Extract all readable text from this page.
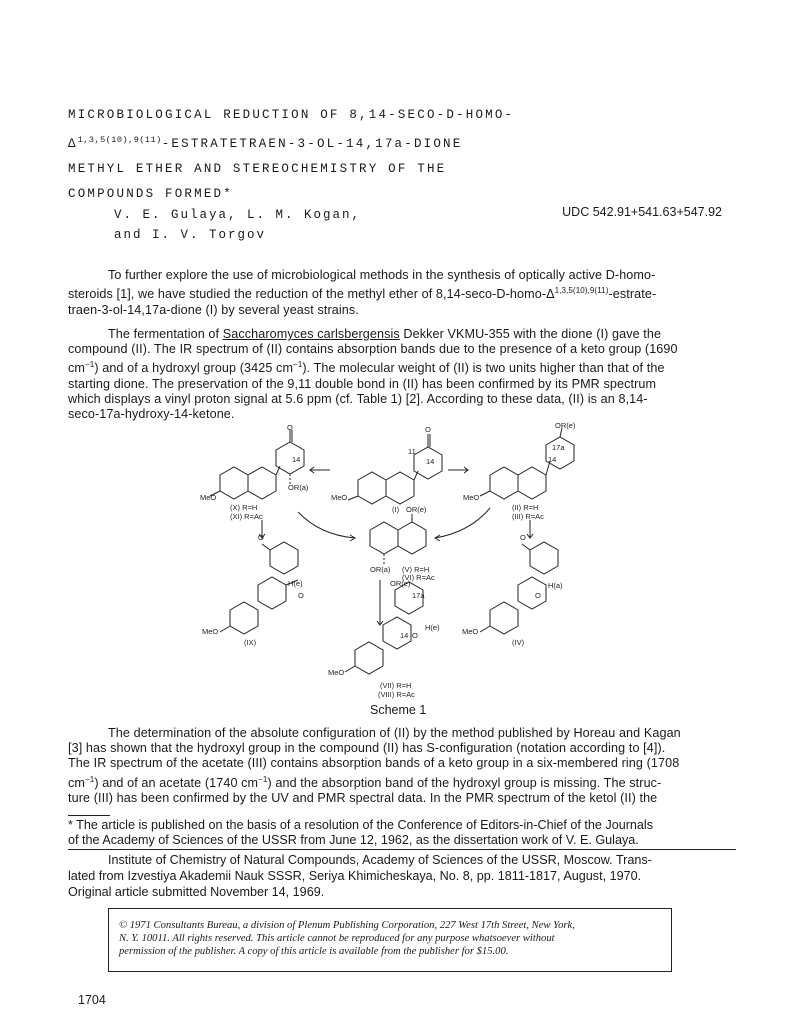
MICROBIOLOGICAL REDUCTION OF 8,14-SECO-D-HOMO-
$\Delta^{1,3,5(10),9(11)}-ESTRATETRAEN-3-OL-14,17a$-DIONE
METHYL ETHER AND STEREOCHEMISTRY OF THE
COMPOUNDS FORMED*
V. E. Gulaya, L. M. Kogan,
and I. V. Torgov
UDC 542.91+541.63+547.92
To further explore the use of microbiological methods in the synthesis of optically active D-homo-
steroids [1], we have studied the reduction of the methyl ether of $8,14-\sec o-D-homo-\Delta^{1,3,5(10),9(11)}-estrate-$
traen-3-ol-14,17a-dione (I) by several yeast strains.
The fermentation of Saccharomyces carlsbergensis Dekker VKMU-355 with the dione (I) gave the
compound (II). The IR spectrum of (II) contains absorption bands due to the presence of a keto group (1690
$cm^{-1}$) and of a hydroxyl group (3425 $cm^{-1}$). The molecular weight of (II) is two units higher than that of the
starting dione. The preservation of the 9,11 double bond in (II) has been confirmed by its PMR spectrum
which displays a vinyl proton signal at 5.6 ppm (cf. Table 1) [2]. According to these data, (II) is an 8,14-
seco-17a-hydroxy-14-ketone.
MeO
(X) R=H
(XI) R=Ac
OR(a)
O
14
MeO
(I)
O
11
14
MeO
(II) R=H
(III) R=Ac
OR(e)
17a
14
OR(e)
OR(a) (V) R=H
(VI) R=Ac
O
H(e)
O
MeO
(IX)
OR(e)
17a
H(e)
14 O
MeO
(VII) R=H
(VIII) R=Ac
O
H(a)
O
MeO
(IV)
Scheme 1
The determination of the absolute configuration of (II) by the method published by Horeau and Kagan
[3] has shown that the hydroxyl group in the compound (II) has S-configuration (notation according to [4]).
The IR spectrum of the acetate (III) contains absorption bands of a keto group in a six-membered ring (1708
$cm^{-1}$) and of an acetate (1740 $cm^{-1}$) and the absorption band of the hydroxyl group is missing. The struc-
ture (III) has been confirmed by the UV and PMR spectral data. In the PMR spectrum of the ketol (II) the
* The article is published on the basis of a resolution of the Conference of Editors-in-Chief of the Journals
of the Academy of Sciences of the USSR from June 12, 1962, as the dissertation work of V. E. Gulaya.
Institute of Chemistry of Natural Compounds, Academy of Sciences of the USSR, Moscow. Trans-
lated from Izvestiya Akademii Nauk SSSR, Seriya Khimicheskaya, No. 8, pp. 1811-1817, August, 1970.
Original article submitted November 14, 1969.

© 1971 Consultants Bureau, a division of Plenum Publishing Corporation, 227 West 17th Street, New York,
N. Y. 10011. All rights reserved. This article cannot be reproduced for any purpose whatsoever without
permission of the publisher. A copy of this article is available from the publisher for $15.00.

1704
